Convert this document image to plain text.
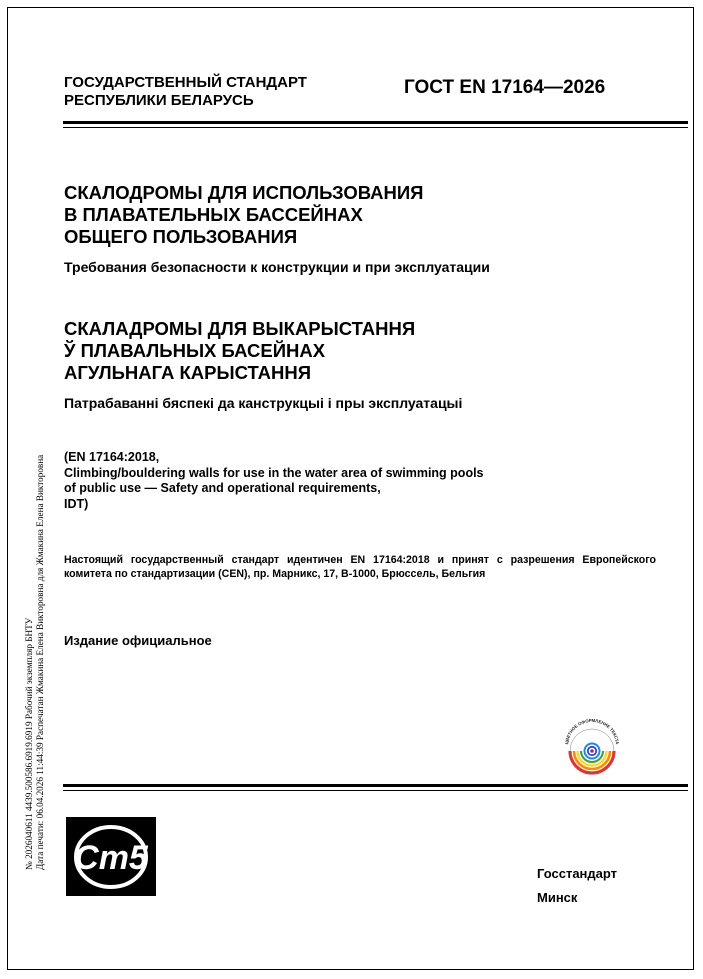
ГОСУДАРСТВЕННЫЙ СТАНДАРТ
РЕСПУБЛИКИ БЕЛАРУСЬ
ГОСТ EN 17164—2026
СКАЛОДРОМЫ ДЛЯ ИСПОЛЬЗОВАНИЯ
В ПЛАВАТЕЛЬНЫХ БАССЕЙНАХ
ОБЩЕГО ПОЛЬЗОВАНИЯ
Требования безопасности к конструкции и при эксплуатации
СКАЛАДРОМЫ ДЛЯ ВЫКАРЫСТАННЯ
Ў ПЛАВАЛЬНЫХ БАСЕЙНАХ
АГУЛЬНАГА КАРЫСТАННЯ
Патрабаванні бяспекі да канструкцыі і пры эксплуатацыі
(EN 17164:2018,
Climbing/bouldering walls for use in the water area of swimming pools
of public use — Safety and operational requirements,
IDT)
Настоящий государственный стандарт идентичен EN 17164:2018 и принят с разрешения Европейского комитета по стандартизации (CEN), пр. Марникс, 17, B-1000, Брюссель, Бельгия
Издание официальное
№ 2026040611 4439.500586.6919.6919 Рабочий экземпляр БНТУ Дата печати: 06.04.2026 11:44:39 Распечатан Жмакина Елена Викторовна для Жмакина Елена Викторовна	ЦВЕТНОЕ ОФОРМЛЕНИЕ ТЕКСТА
Cm5	Госстандарт
Минск
